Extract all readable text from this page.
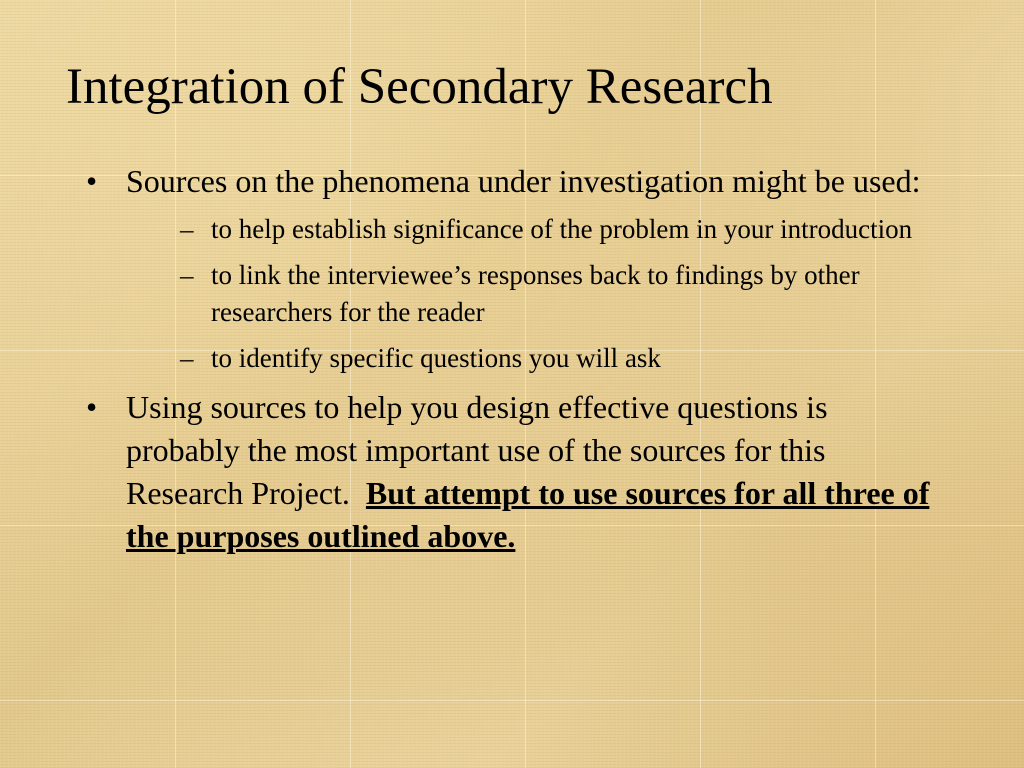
Integration of Secondary Research
• Sources on the phenomena under investigation might be used:
– to help establish significance of the problem in your introduction
– to link the interviewee’s responses back to findings by other researchers for the reader
– to identify specific questions you will ask
• Using sources to help you design effective questions is probably the most important use of the sources for this Research Project. But attempt to use sources for all three of the purposes outlined above.
